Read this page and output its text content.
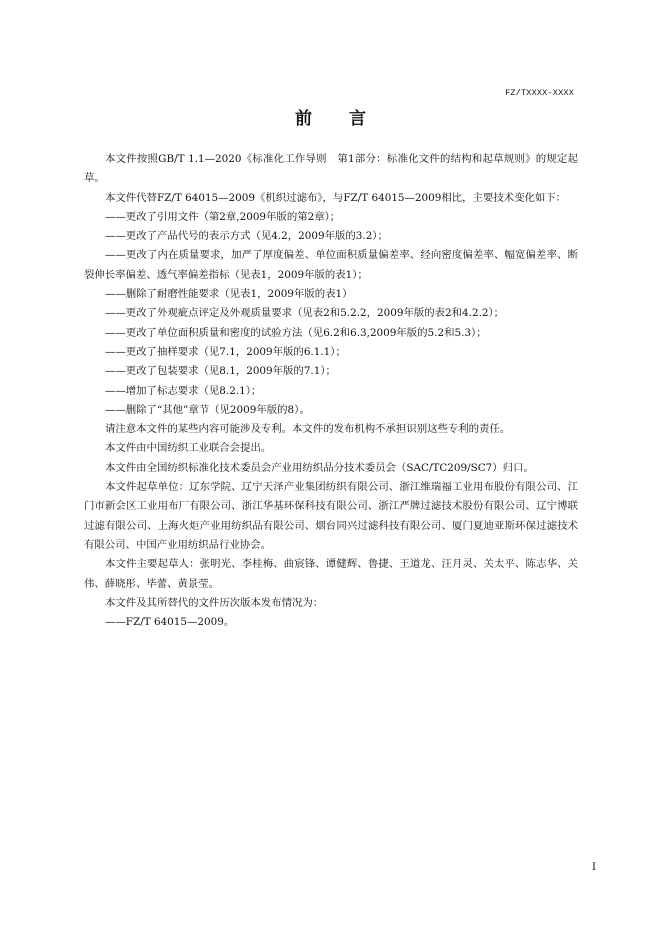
FZ/TXXXX-XXXX
前 言

本文件按照GB/T 1.1—2020《标准化工作导则　第1部分：标准化文件的结构和起草规则》的规定起草。

本文件代替FZ/T 64015—2009《机织过滤布》，与FZ/T 64015—2009相比，主要技术变化如下：

——更改了引用文件（第2章,2009年版的第2章）；

——更改了产品代号的表示方式（见4.2，2009年版的3.2）；

——更改了内在质量要求，加严了厚度偏差、单位面积质量偏差率、经向密度偏差率、幅宽偏差率、断裂伸长率偏差、透气率偏差指标（见表1，2009年版的表1）；

——删除了耐磨性能要求（见表1，2009年版的表1）

——更改了外观疵点评定及外观质量要求（见表2和5.2.2，2009年版的表2和4.2.2）；

——更改了单位面积质量和密度的试验方法（见6.2和6.3,2009年版的5.2和5.3）；

——更改了抽样要求（见7.1，2009年版的6.1.1）；

——更改了包装要求（见8.1，2009年版的7.1）；

——增加了标志要求（见8.2.1）；

——删除了“其他”章节（见2009年版的8）。

请注意本文件的某些内容可能涉及专利。本文件的发布机构不承担识别这些专利的责任。

本文件由中国纺织工业联合会提出。

本文件由全国纺织标准化技术委员会产业用纺织品分技术委员会（SAC/TC209/SC7）归口。

本文件起草单位：辽东学院、辽宁天泽产业集团纺织有限公司、浙江维瑞福工业用布股份有限公司、江门市新会区工业用布厂有限公司、浙江华基环保科技有限公司、浙江严牌过滤技术股份有限公司、辽宁博联过滤有限公司、上海火炬产业用纺织品有限公司、烟台同兴过滤科技有限公司、厦门夏迪亚斯环保过滤技术有限公司、中国产业用纺织品行业协会。

本文件主要起草人：张明光、李桂梅、曲宸锋、谭健辉、鲁捷、王道龙、汪月灵、关太平、陈志华、关伟、薛晓彤、毕蕾、黄景莹。

本文件及其所替代的文件历次版本发布情况为：

——FZ/T 64015—2009。

I
